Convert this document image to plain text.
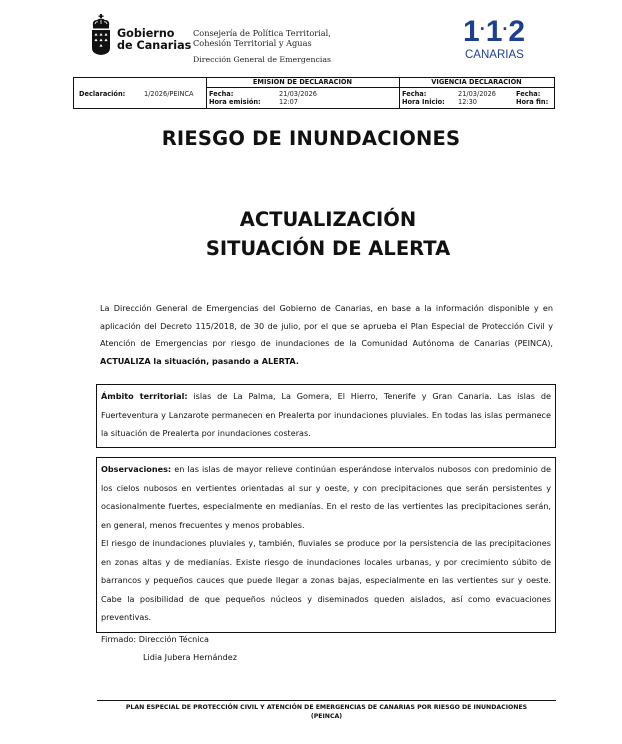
Gobierno
de Canarias
Consejería de Política Territorial,
Cohesión Territorial y Aguas
Dirección General de Emergencias
1·1·2
CANARIAS
Declaración:	1/2026/PEINCA
EMISIÓN DE DECLARACIÓN
Fecha:	21/03/2026
Hora emisión:	12:07
VIGENCIA DECLARACIÓN
Fecha:	21/03/2026
Hora Inicio: 12:30
Fecha:
Hora fin:
RIESGO DE INUNDACIONES
ACTUALIZACIÓN
SITUACIÓN DE ALERTA
La Dirección General de Emergencias del Gobierno de Canarias, en base a la información disponible y en aplicación del Decreto 115/2018, de 30 de julio, por el que se aprueba el Plan Especial de Protección Civil y Atención de Emergencias por riesgo de inundaciones de la Comunidad Autónoma de Canarias (PEINCA), ACTUALIZA la situación, pasando a ALERTA.
Ámbito territorial: islas de La Palma, La Gomera, El Hierro, Tenerife y Gran Canaria. Las islas de Fuerteventura y Lanzarote permanecen en Prealerta por inundaciones pluviales. En todas las islas permanece la situación de Prealerta por inundaciones costeras.
Observaciones: en las islas de mayor relieve continúan esperándose intervalos nubosos con predominio de los cielos nubosos en vertientes orientadas al sur y oeste, y con precipitaciones que serán persistentes y ocasionalmente fuertes, especialmente en medianías. En el resto de las vertientes las precipitaciones serán, en general, menos frecuentes y menos probables.
El riesgo de inundaciones pluviales y, también, fluviales se produce por la persistencia de las precipitaciones en zonas altas y de medianías. Existe riesgo de inundaciones locales urbanas, y por crecimiento súbito de barrancos y pequeños cauces que puede llegar a zonas bajas, especialmente en las vertientes sur y oeste. Cabe la posibilidad de que pequeños núcleos y diseminados queden aislados, así como evacuaciones preventivas.
Firmado: Dirección Técnica
Lidia Jubera Hernández
PLAN ESPECIAL DE PROTECCIÓN CIVIL Y ATENCIÓN DE EMERGENCIAS DE CANARIAS POR RIESGO DE INUNDACIONES
(PEINCA)
